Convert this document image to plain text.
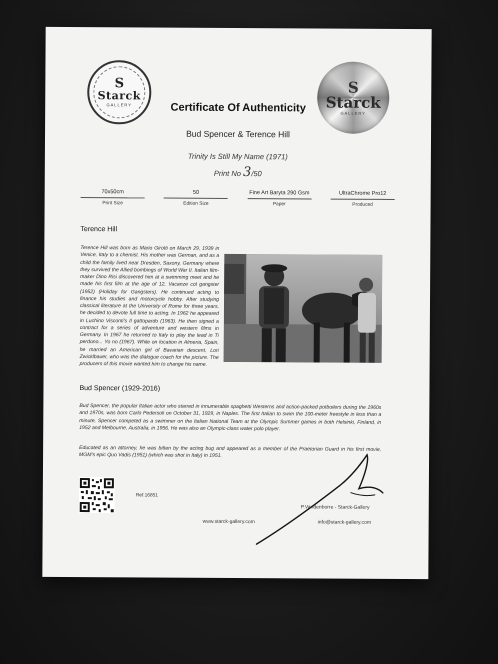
S
Starck
GALLERY
S
Starck
GALLERY
Certificate Of Authenticity
Bud Spencer & Terence Hill
Trinity Is Still My Name (1971)
Print No 3/50
70x50cm
Print Size
50
Edition Size
Fine Art Baryta 290 Gsm
Paper
UltraChrome Pro12
Produced
Terence Hill
Terence Hill was born as Mario Girotti on March 29, 1939 in Venice, Italy to a chemist. His mother was German, and as a child the family lived near Dresden, Saxony, Germany where they survived the Allied bombings of World War II. Italian film-maker Dino Risi discovered him at a swimming meet and he made his first film at the age of 12, Vacanze col gangster (1952) (Holiday for Gangsters). He continued acting to finance his studies and motorcycle hobby. After studying classical literature at the University of Rome for three years, he decided to devote full time to acting. In 1962 he appeared in Luchino Visconti's Il gattopardo (1963). He then signed a contract for a series of adventure and western films in Germany. In 1967 he returned to Italy to play the lead in Ti perdono... Yo no (1967). While on location in Almeria, Spain, he married an American girl of Bavarian descent, Lori Zwicklbauer, who was the dialogue coach for the picture. The producers of this movie wanted him to change his name.
Bud Spencer (1929-2016)
Bud Spencer, the popular Italian actor who starred in innumerable spaghetti Westerns and action-packed potboilers during the 1960s and 1970s, was born Carlo Pedersoli on October 31, 1929, in Naples. The first Italian to swim the 100-meter freestyle in less than a minute, Spencer competed as a swimmer on the Italian National Team at the Olympic Summer games in both Helsinki, Finland, in 1952 and Melbourne, Australia, in 1956. He was also an Olympic-class water polo player.
Educated as an attorney, he was bitten by the acting bug and appeared as a member of the Praetorian Guard in his first movie, MGM's epic Quo Vadis (1951) (which was shot in Italy) in 1951.
Ref.16851
P.Vandenborre - Starck-Gallery
www.starck-gallery.com	info@starck-gallery.com
